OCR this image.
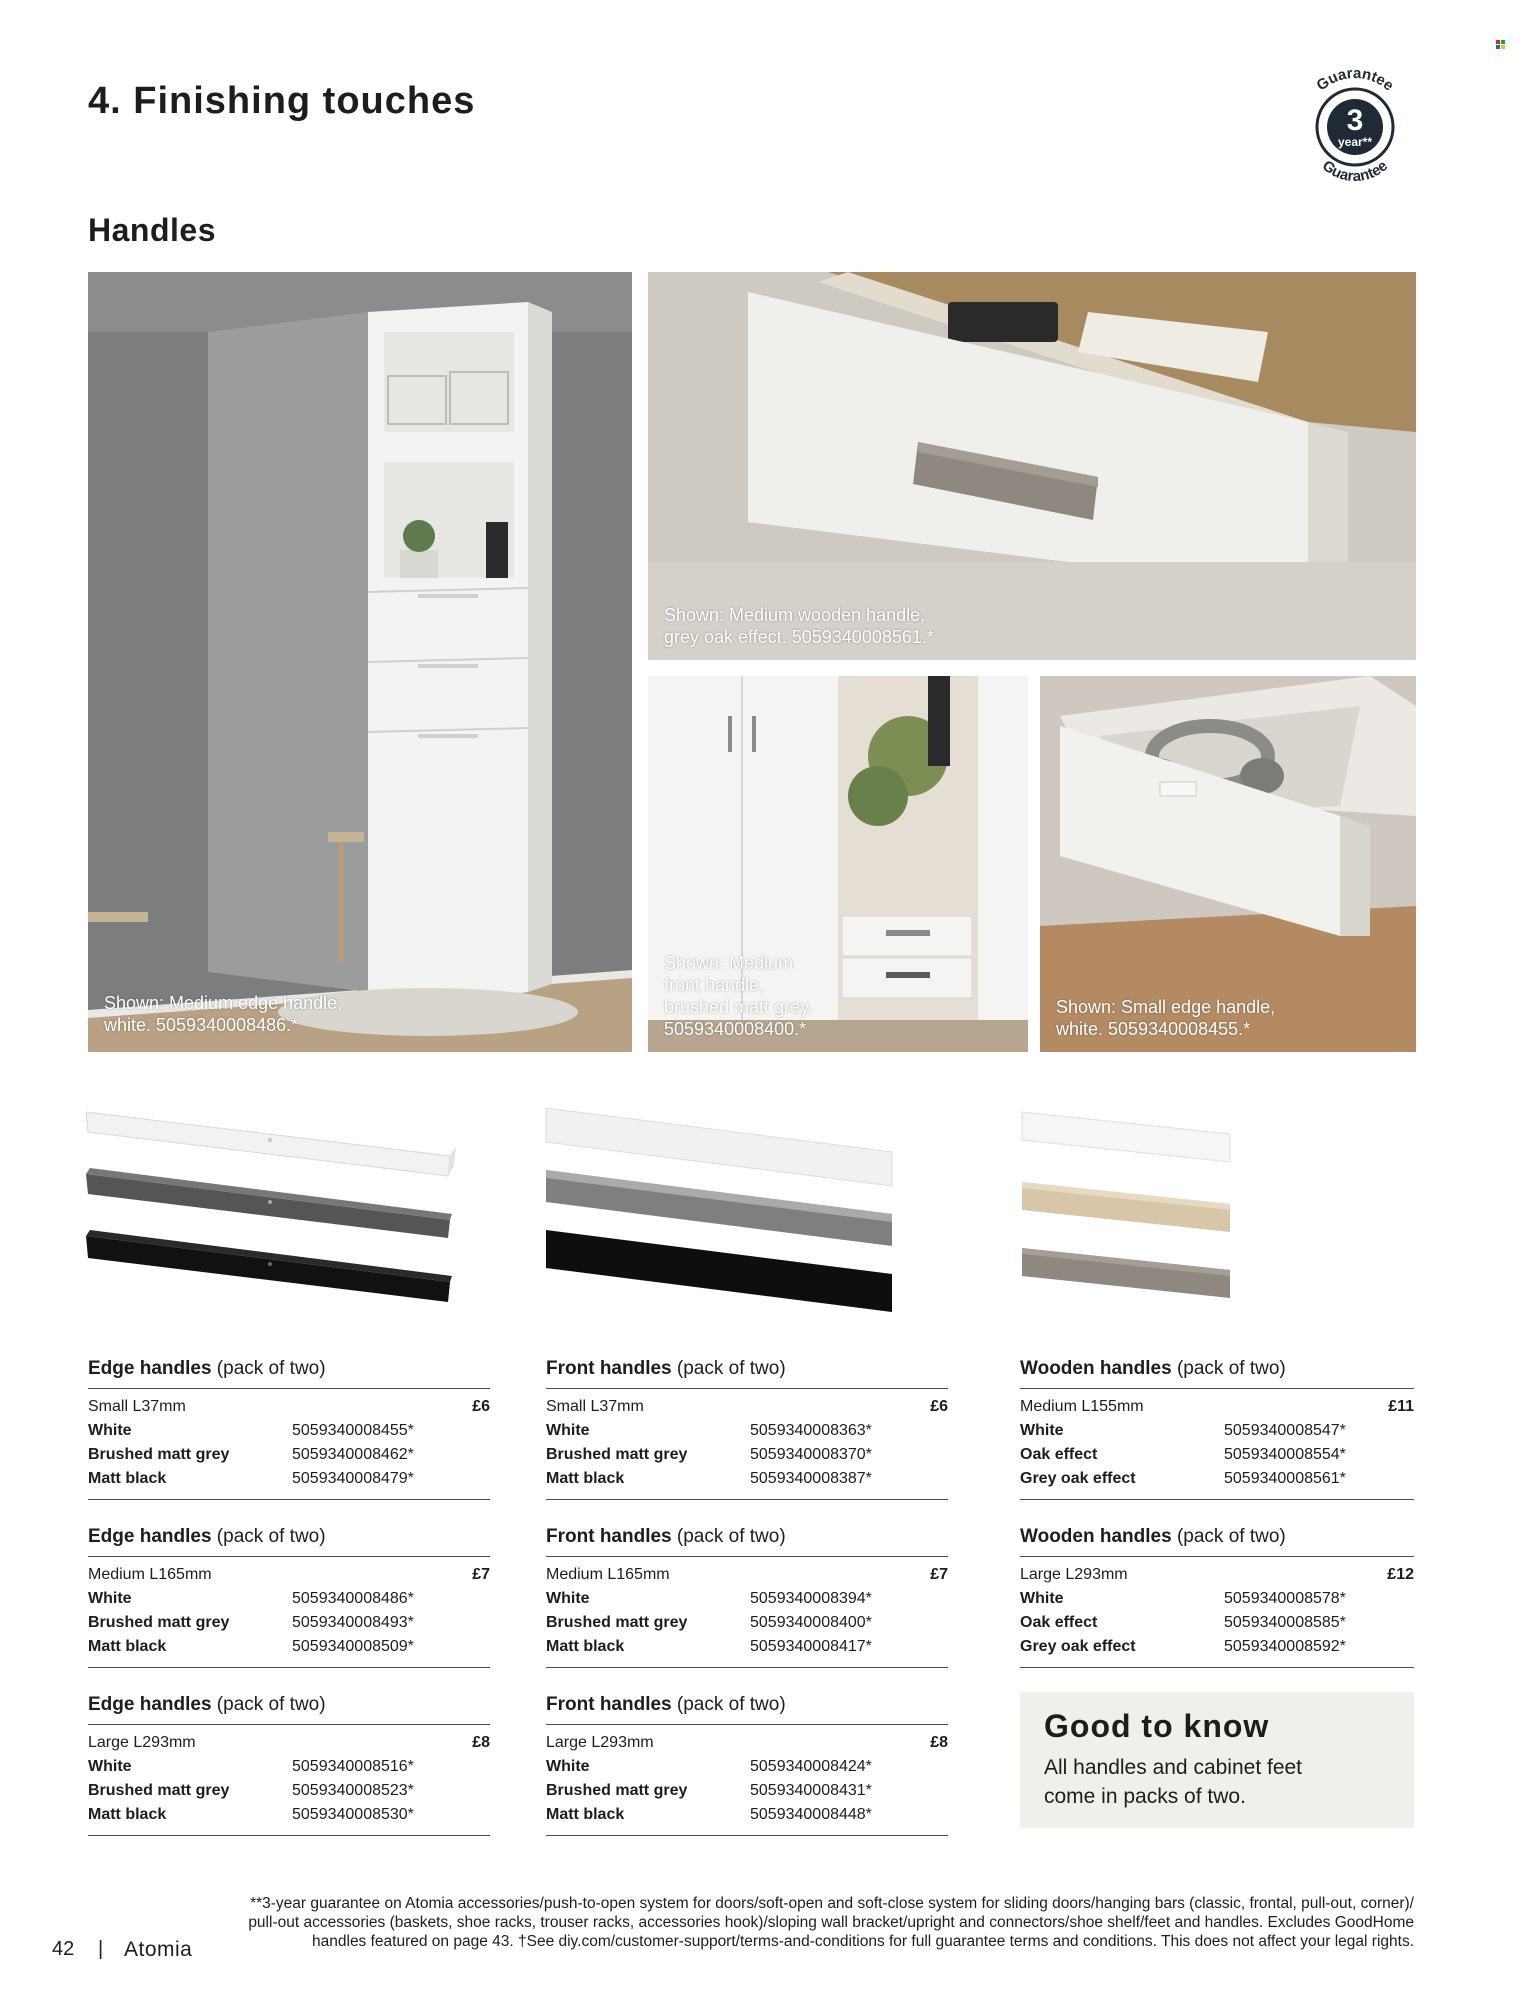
4. Finishing touches
Handles
Guarantee
Guarantee
3
year**
Shown: Medium edge handle,
white. 5059340008486.*
Shown: Medium wooden handle,
grey oak effect. 5059340008561.*
Shown: Medium
front handle,
brushed matt grey.
5059340008400.*
Shown: Small edge handle,
white. 5059340008455.*
Edge handles (pack of two)
Small L37mm	£6
White	5059340008455*
Brushed matt grey	5059340008462*
Matt black	5059340008479*
Edge handles (pack of two)
Medium L165mm	£7
White	5059340008486*
Brushed matt grey	5059340008493*
Matt black	5059340008509*
Edge handles (pack of two)
Large L293mm	£8
White	5059340008516*
Brushed matt grey	5059340008523*
Matt black	5059340008530*
Front handles (pack of two)
Small L37mm	£6
White	5059340008363*
Brushed matt grey	5059340008370*
Matt black	5059340008387*
Front handles (pack of two)
Medium L165mm	£7
White	5059340008394*
Brushed matt grey	5059340008400*
Matt black	5059340008417*
Front handles (pack of two)
Large L293mm	£8
White	5059340008424*
Brushed matt grey	5059340008431*
Matt black	5059340008448*
Wooden handles (pack of two)
Medium L155mm	£11
White	5059340008547*
Oak effect	5059340008554*
Grey oak effect	5059340008561*
Wooden handles (pack of two)
Large L293mm	£12
White	5059340008578*
Oak effect	5059340008585*
Grey oak effect	5059340008592*
Good to know
All handles and cabinet feet come in packs of two.
**3-year guarantee on Atomia accessories/push-to-open system for doors/soft-open and soft-close system for sliding doors/hanging bars (classic, frontal, pull-out, corner)/
pull-out accessories (baskets, shoe racks, trouser racks, accessories hook)/sloping wall bracket/upright and connectors/shoe shelf/feet and handles. Excludes GoodHome
handles featured on page 43. †See diy.com/customer-support/terms-and-conditions for full guarantee terms and conditions. This does not affect your legal rights.
42 | Atomia
